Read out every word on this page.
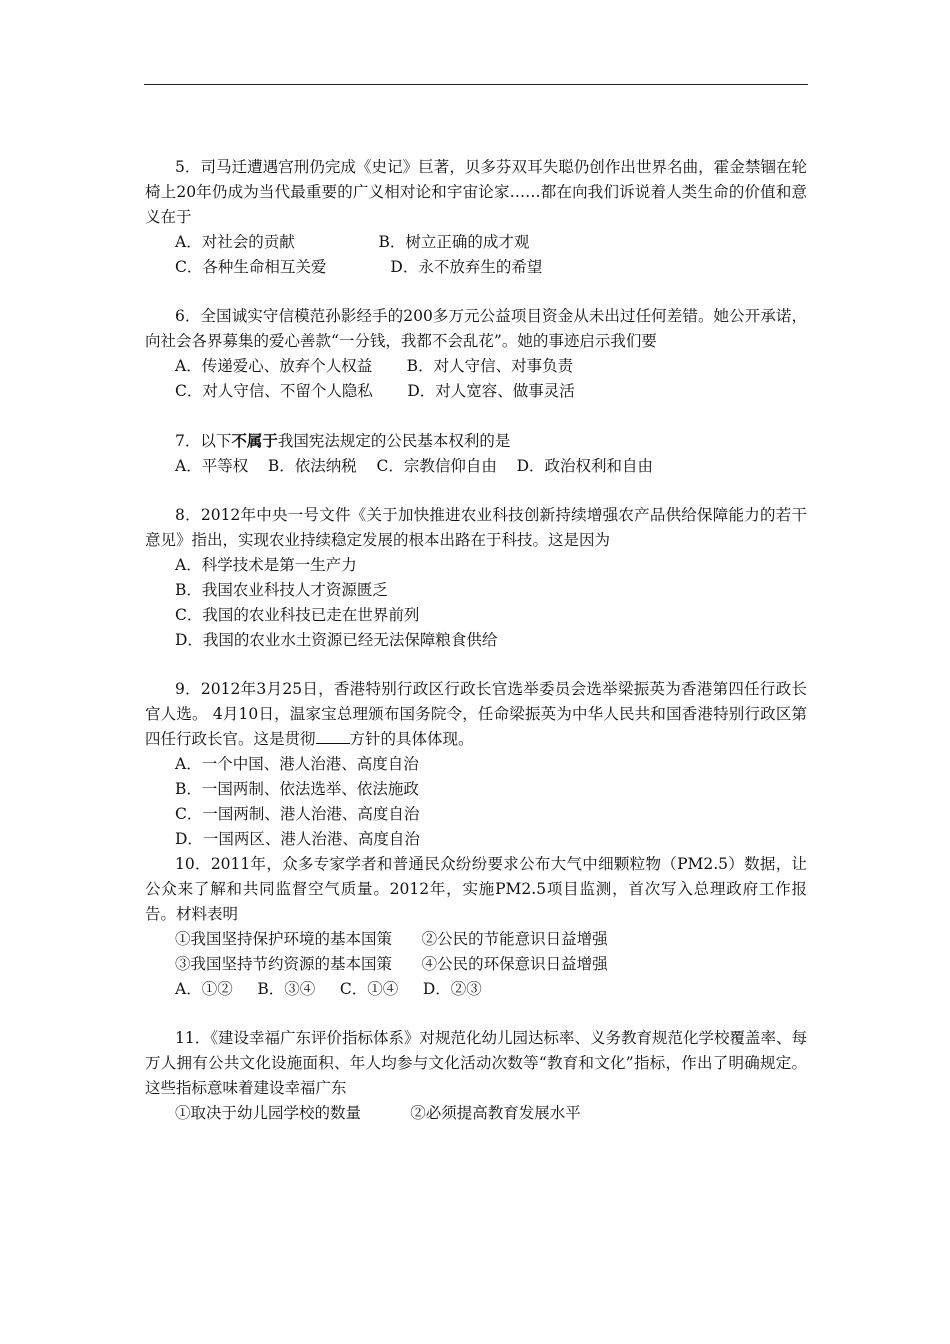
5．司马迁遭遇宫刑仍完成《史记》巨著，贝多芬双耳失聪仍创作出世界名曲，霍金禁锢在轮椅上20年仍成为当代最重要的广义相对论和宇宙论家……都在向我们诉说着人类生命的价值和意义在于

A．对社会的贡献                 B．树立正确的成才观

C．各种生命相互关爱             D．永不放弃生的希望

6．全国诚实守信模范孙影经手的200多万元公益项目资金从未出过任何差错。她公开承诺，向社会各界募集的爱心善款“一分钱，我都不会乱花”。她的事迹启示我们要

A．传递爱心、放弃个人权益       B．对人守信、对事负责

C．对人守信、不留个人隐私       D．对人宽容、做事灵活

7．以下不属于我国宪法规定的公民基本权利的是

A．平等权    B．依法纳税    C．宗教信仰自由    D．政治权利和自由

8．2012年中央一号文件《关于加快推进农业科技创新持续增强农产品供给保障能力的若干意见》指出，实现农业持续稳定发展的根本出路在于科技。这是因为

A．科学技术是第一生产力

B．我国农业科技人才资源匮乏

C．我国的农业科技已走在世界前列

D．我国的农业水土资源已经无法保障粮食供给

9．2012年3月25日，香港特别行政区行政长官选举委员会选举梁振英为香港第四任行政长官人选。 4月10日，温家宝总理颁布国务院令，任命梁振英为中华人民共和国香港特别行政区第四任行政长官。这是贯彻 方针的具体体现。

A．一个中国、港人治港、高度自治

B．一国两制、依法选举、依法施政

C．一国两制、港人治港、高度自治

D．一国两区、港人治港、高度自治

10．2011年，众多专家学者和普通民众纷纷要求公布大气中细颗粒物（PM2.5）数据，让公众来了解和共同监督空气质量。2012年，实施PM2.5项目监测，首次写入总理政府工作报告。材料表明

①我国坚持保护环境的基本国策      ②公民的节能意识日益增强

③我国坚持节约资源的基本国策      ④公民的环保意识日益增强

A．①②     B．③④     C．①④     D．②③

11．《建设幸福广东评价指标体系》对规范化幼儿园达标率、义务教育规范化学校覆盖率、每万人拥有公共文化设施面积、年人均参与文化活动次数等“教育和文化”指标，作出了明确规定。这些指标意味着建设幸福广东

①取决于幼儿园学校的数量          ②必须提高教育发展水平
